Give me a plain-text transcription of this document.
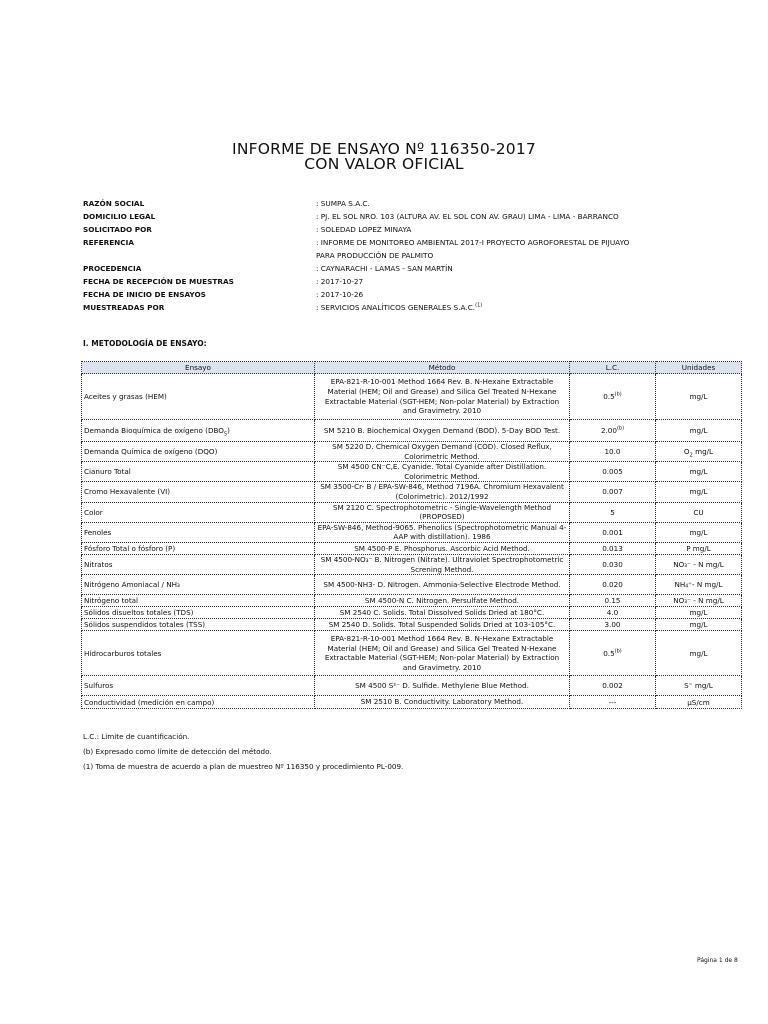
INFORME DE ENSAYO Nº 116350-2017
CON VALOR OFICIAL
RAZÓN SOCIAL	: SUMPA S.A.C.
DOMICILIO LEGAL	: PJ. EL SOL NRO. 103 (ALTURA AV. EL SOL CON AV. GRAU) LIMA - LIMA - BARRANCO
SOLICITADO POR	: SOLEDAD LOPEZ MINAYA
REFERENCIA	: INFORME DE MONITOREO AMBIENTAL 2017-I PROYECTO AGROFORESTAL DE PIJUAYO
PARA PRODUCCIÓN DE PALMITO
PROCEDENCIA	: CAYNARACHI - LAMAS - SAN MARTÍN
FECHA DE RECEPCIÓN DE MUESTRAS	: 2017-10-27
FECHA DE INICIO DE ENSAYOS	: 2017-10-26
MUESTREADAS POR	: SERVICIOS ANALÍTICOS GENERALES S.A.C.$^{(1)}$
I. METODOLOGÍA DE ENSAYO:
Ensayo	Método	L.C.	Unidades
Aceites y grasas (HEM)	EPA-821-R-10-001 Method 1664 Rev. B. N-Hexane Extractable Material (HEM; Oil and Grease) and Silica Gel Treated N-Hexane Extractable Material (SGT-HEM; Non-polar Material) by Extraction and Gravimetry. 2010	0.5$^{(b)}$	mg/L
Demanda Bioquímica de oxígeno $(DBO_5)$	SM 5210 B. Biochemical Oxygen Demand (BOD). 5-Day BOD Test.	2.00$^{(b)}$	mg/L
Demanda Química de oxígeno (DQO)	SM 5220 D. Chemical Oxygen Demand (COD). Closed Reflux, Colorimetric Method.	10.0	$O_2$ mg/L
Cianuro Total	SM 4500 CN⁻C,E. Cyanide. Total Cyanide after Distillation. Colorimetric Method.	0.005	mg/L
Cromo Hexavalente (VI)	SM 3500-Cr- B / EPA-SW-846, Method 7196A. Chromium Hexavalent (Colorimetric). 2012/1992	0.007	mg/L
Color	SM 2120 C. Spectrophotometric - Single-Wavelength Method (PROPOSED)	5	CU
Fenoles	EPA-SW-846, Method-9065. Phenolics (Spectrophotometric Manual 4-AAP with distillation). 1986	0.001	mg/L
Fósforo Total o fósforo (P)	SM 4500-P E. Phosphorus. Ascorbic Acid Method.	0.013	P mg/L
Nitratos	SM 4500-NO₃⁻ B. Nitrogen (Nitrate). Ultraviolet Spectrophotometric Screning Method.	0.030	NO₃⁻ - N mg/L
Nitrógeno Amoniacal / NH₃	SM 4500-NH3- D. Nitrogen. Ammonia-Selective Electrode Method.	0.020	NH₄⁺- N mg/L
Nitrógeno total	SM 4500-N C. Nitrogen. Persulfate Method.	0.15	NO₃⁻ - N mg/L
Sólidos disueltos totales (TDS)	SM 2540 C. Solids. Total Dissolved Solids Dried at 180°C.	4.0	mg/L
Sólidos suspendidos totales (TSS)	SM 2540 D. Solids. Total Suspended Solids Dried at 103-105°C.	3.00	mg/L
Hidrocarburos totales	EPA-821-R-10-001 Method 1664 Rev. B. N-Hexane Extractable Material (HEM; Oil and Grease) and Silica Gel Treated N-Hexane Extractable Material (SGT-HEM; Non-polar Material) by Extraction and Gravimetry. 2010	0.5$^{(b)}$	mg/L
Sulfuros	SM 4500 S²⁻ D. Sulfide. Methylene Blue Method.	0.002	S⁼ mg/L
Conductividad (medición en campo)	SM 2510 B. Conductivity. Laboratory Method.	---	µS/cm
L.C.: Limite de cuantificación.
(b) Expresado como límite de detección del método.
(1) Toma de muestra de acuerdo a plan de muestreo Nº 116350 y procedimiento PL-009.
Página 1 de 8
